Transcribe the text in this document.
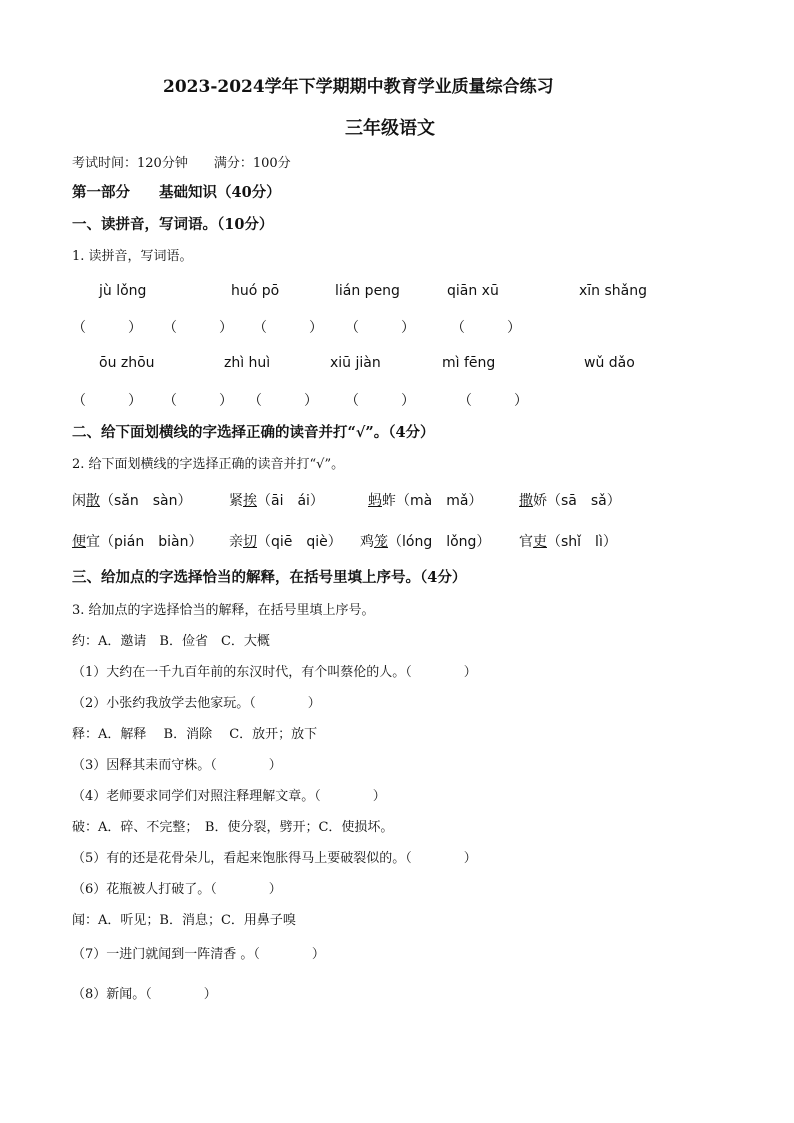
2023-2024学年下学期期中教育学业质量综合练习
三年级语文
考试时间：120分钟　　满分：100分
第一部分　　基础知识（40分）
一、读拼音，写词语。（10分）
1. 读拼音，写词语。
jù lǒng	huó pō	lián peng	qiān xū	xīn shǎng
（　　　） （　　　） （　　　） （　　　）	（　　　）
ōu zhōu	zhì huì	xiū jiàn	mì fēng	wǔ dǎo
（　　　） （　　　） （　　　） （　　　）	（　　　）
二、给下面划横线的字选择正确的读音并打“√”。（4分）
2. 给下面划横线的字选择正确的读音并打“√”。
闲散（sǎn　sàn）	紧挨（āi　ái）	蚂蚱（mà　mǎ）	撒娇（sā　sǎ）
便宜（pián　biàn） 亲切（qiē　qiè） 鸡笼（lóng　lǒng） 官吏（shǐ　lì）
三、给加点的字选择恰当的解释，在括号里填上序号。（4分）
3. 给加点的字选择恰当的解释，在括号里填上序号。
约：A．邀请　B．俭省　C．大概
（1）大约在一千九百年前的东汉时代，有个叫蔡伦的人。（　　　　）
（2）小张约我放学去他家玩。（　　　　）
释：A．解释　 B．消除　 C．放开；放下
（3）因释其耒而守株。（　　　　）
（4）老师要求同学们对照注释理解文章。（　　　　）
破：A．碎、不完整；　B．使分裂，劈开；C．使损坏。
（5）有的还是花骨朵儿，看起来饱胀得马上要破裂似的。（　　　　）
（6）花瓶被人打破了。（　　　　）
闻：A．听见；B．消息；C．用鼻子嗅
（7）一进门就闻到一阵清香 。（　　　　）
（8）新闻。（　　　　）
